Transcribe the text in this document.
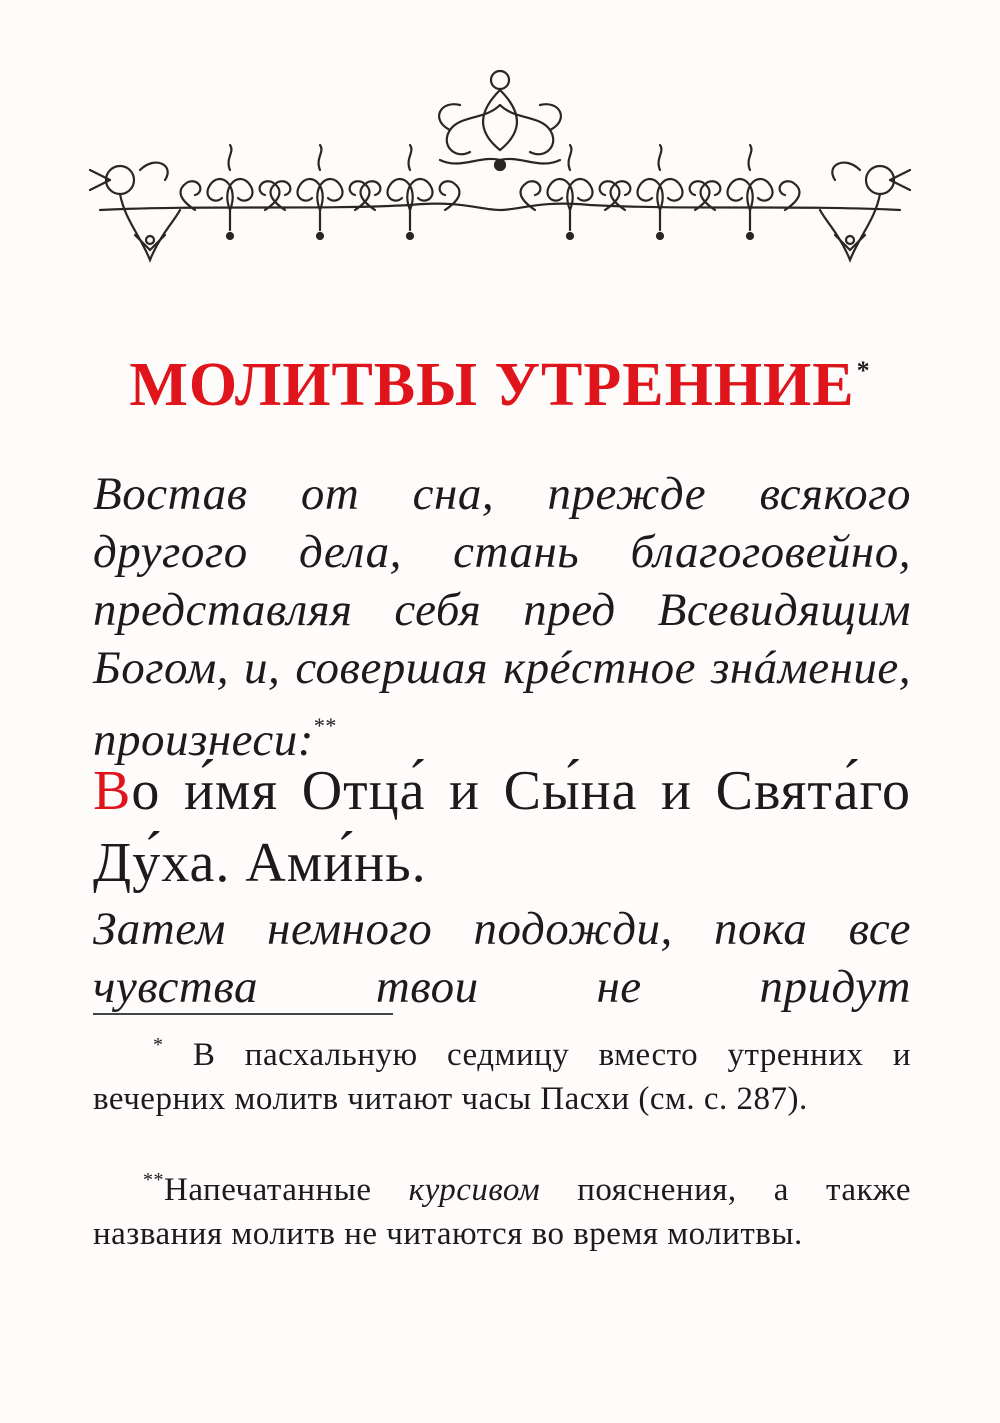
МОЛИТВЫ УТРЕННИЕ*
Востав от сна, прежде всякого другого дела, стань благоговейно, представляя себя пред Всевидящим Богом, и, совершая крéстное знáмение, произнеси:**
Во и́мя Отца́ и Сы́на и Свята́го Ду́ха. Ами́нь.
Затем немного подожди, пока все чувства твои не придут
* В пасхальную седмицу вместо утренних и вечерних молитв читают часы Пасхи (см. с. 287).
**Напечатанные курсивом пояснения, а также названия молитв не читаются во время молитвы.
